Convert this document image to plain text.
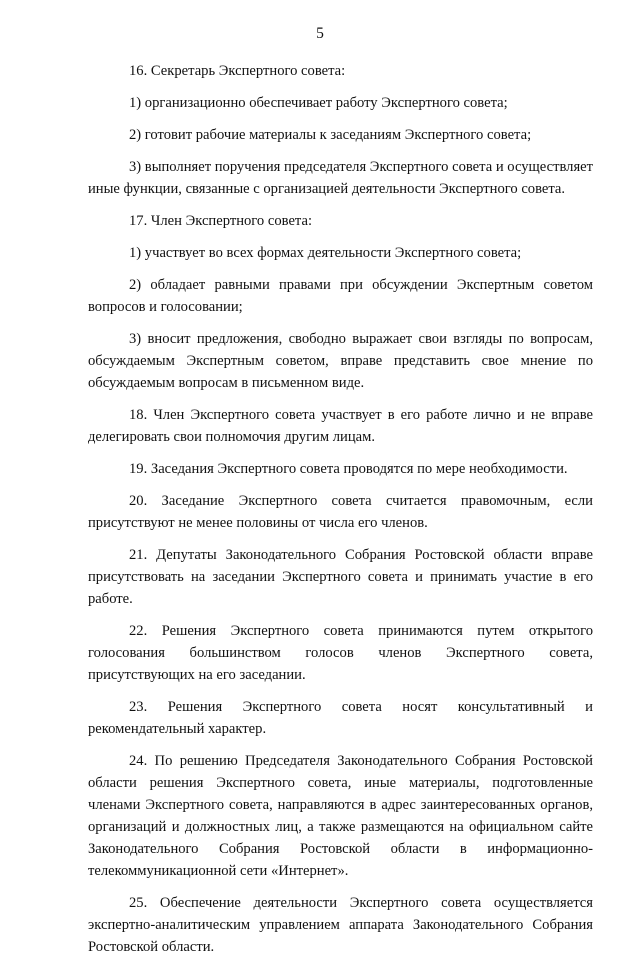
5

16. Секретарь Экспертного совета:

1) организационно обеспечивает работу Экспертного совета;

2) готовит рабочие материалы к заседаниям Экспертного совета;

3) выполняет поручения председателя Экспертного совета и осуществляет иные функции, связанные с организацией деятельности Экспертного совета.

17. Член Экспертного совета:

1) участвует во всех формах деятельности Экспертного совета;

2) обладает равными правами при обсуждении Экспертным советом вопросов и голосовании;

3) вносит предложения, свободно выражает свои взгляды по вопросам, обсуждаемым Экспертным советом, вправе представить свое мнение по обсуждаемым вопросам в письменном виде.

18. Член Экспертного совета участвует в его работе лично и не вправе делегировать свои полномочия другим лицам.

19. Заседания Экспертного совета проводятся по мере необходимости.

20. Заседание Экспертного совета считается правомочным, если присутствуют не менее половины от числа его членов.

21. Депутаты Законодательного Собрания Ростовской области вправе присутствовать на заседании Экспертного совета и принимать участие в его работе.

22. Решения Экспертного совета принимаются путем открытого голосования большинством голосов членов Экспертного совета, присутствующих на его заседании.

23. Решения Экспертного совета носят консультативный и рекомендательный характер.

24. По решению Председателя Законодательного Собрания Ростовской области решения Экспертного совета, иные материалы, подготовленные членами Экспертного совета, направляются в адрес заинтересованных органов, организаций и должностных лиц, а также размещаются на официальном сайте Законодательного Собрания Ростовской области в информационно-телекоммуникационной сети «Интернет».

25. Обеспечение деятельности Экспертного совета осуществляется экспертно-аналитическим управлением аппарата Законодательного Собрания Ростовской области.
